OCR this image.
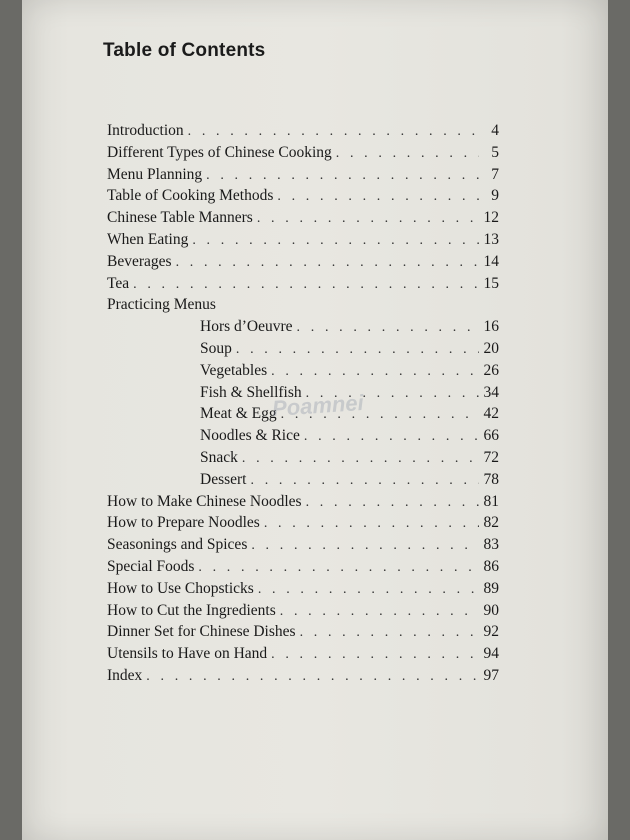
Table of Contents
Introduction . . .	4
Different Types of Chinese Cooking . . .	5
Menu Planning . . .	7
Table of Cooking Methods . . .	9
Chinese Table Manners . . .	12
When Eating . . .	13
Beverages . . .	14
Tea . . .	15
Practicing Menus
Hors d’Oeuvre . . .	16
Soup . . .	20
Vegetables . . .	26
Fish & Shellfish . . .	34
Meat & Egg . . .	42
Noodles & Rice . . .	66
Snack . . .	72
Dessert . . .	78
How to Make Chinese Noodles . . .	81
How to Prepare Noodles . . .	82
Seasonings and Spices . . .	83
Special Foods . . .	86
How to Use Chopsticks . . .	89
How to Cut the Ingredients . . .	90
Dinner Set for Chinese Dishes . . .	92
Utensils to Have on Hand . . .	94
Index . . .	97
Poamnei
